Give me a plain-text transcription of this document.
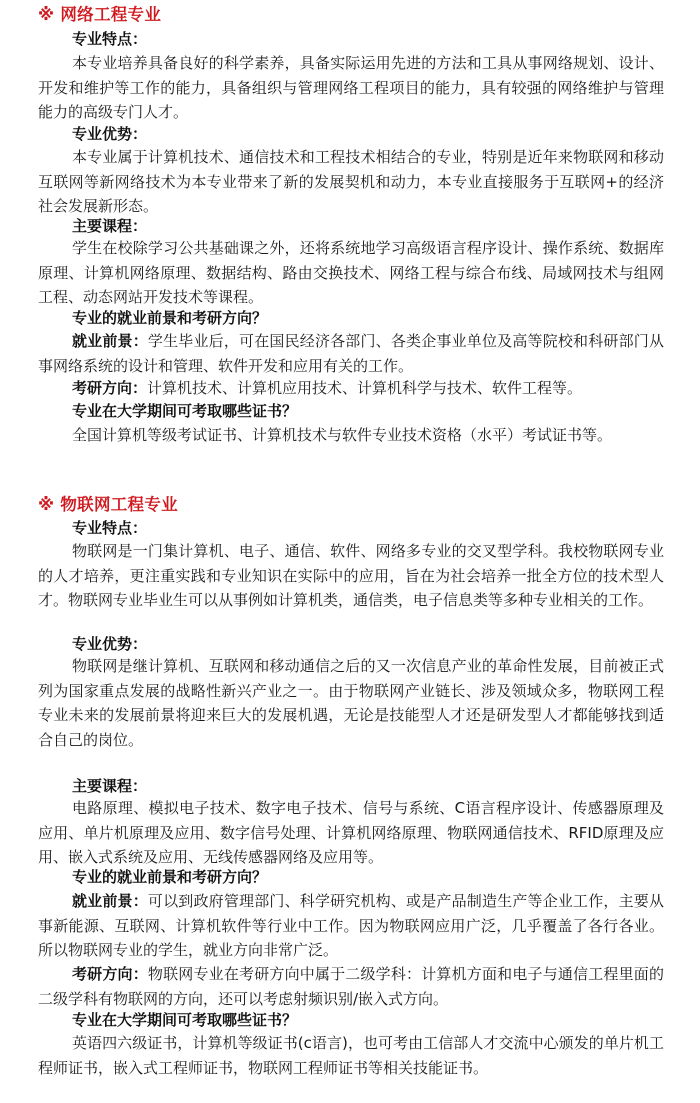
※ 网络工程专业
专业特点：
本专业培养具备良好的科学素养，具备实际运用先进的方法和工具从事网络规划、设计、开发和维护等工作的能力，具备组织与管理网络工程项目的能力，具有较强的网络维护与管理能力的高级专门人才。
专业优势：
本专业属于计算机技术、通信技术和工程技术相结合的专业，特别是近年来物联网和移动互联网等新网络技术为本专业带来了新的发展契机和动力，本专业直接服务于互联网+的经济社会发展新形态。
主要课程：
学生在校除学习公共基础课之外，还将系统地学习高级语言程序设计、操作系统、数据库原理、计算机网络原理、数据结构、路由交换技术、网络工程与综合布线、局域网技术与组网工程、动态网站开发技术等课程。
专业的就业前景和考研方向？
就业前景：学生毕业后，可在国民经济各部门、各类企事业单位及高等院校和科研部门从事网络系统的设计和管理、软件开发和应用有关的工作。
考研方向：计算机技术、计算机应用技术、计算机科学与技术、软件工程等。
专业在大学期间可考取哪些证书？
全国计算机等级考试证书、计算机技术与软件专业技术资格（水平）考试证书等。
※ 物联网工程专业
专业特点：
物联网是一门集计算机、电子、通信、软件、网络多专业的交叉型学科。我校物联网专业的人才培养，更注重实践和专业知识在实际中的应用，旨在为社会培养一批全方位的技术型人才。物联网专业毕业生可以从事例如计算机类，通信类，电子信息类等多种专业相关的工作。
专业优势：
物联网是继计算机、互联网和移动通信之后的又一次信息产业的革命性发展，目前被正式列为国家重点发展的战略性新兴产业之一。由于物联网产业链长、涉及领域众多，物联网工程专业未来的发展前景将迎来巨大的发展机遇，无论是技能型人才还是研发型人才都能够找到适合自己的岗位。
主要课程：
电路原理、模拟电子技术、数字电子技术、信号与系统、C语言程序设计、传感器原理及应用、单片机原理及应用、数字信号处理、计算机网络原理、物联网通信技术、RFID原理及应用、嵌入式系统及应用、无线传感器网络及应用等。
专业的就业前景和考研方向？
就业前景：可以到政府管理部门、科学研究机构、或是产品制造生产等企业工作，主要从事新能源、互联网、计算机软件等行业中工作。因为物联网应用广泛，几乎覆盖了各行各业。所以物联网专业的学生，就业方向非常广泛。
考研方向：物联网专业在考研方向中属于二级学科：计算机方面和电子与通信工程里面的二级学科有物联网的方向，还可以考虑射频识别/嵌入式方向。
专业在大学期间可考取哪些证书？
英语四六级证书，计算机等级证书(c语言)，也可考由工信部人才交流中心颁发的单片机工程师证书，嵌入式工程师证书，物联网工程师证书等相关技能证书。
